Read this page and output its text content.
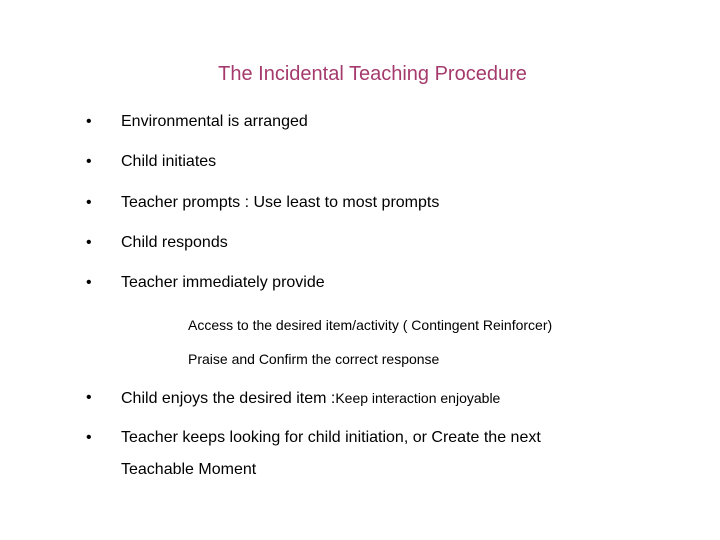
The Incidental Teaching Procedure
• Environmental is arranged
• Child initiates
• Teacher prompts : Use least to most prompts
• Child responds
• Teacher immediately provide
Access to the desired item/activity ( Contingent Reinforcer)
Praise and Confirm the correct response
• Child enjoys the desired item :Keep interaction enjoyable
• Teacher keeps looking for child initiation, or Create the next
Teachable Moment
